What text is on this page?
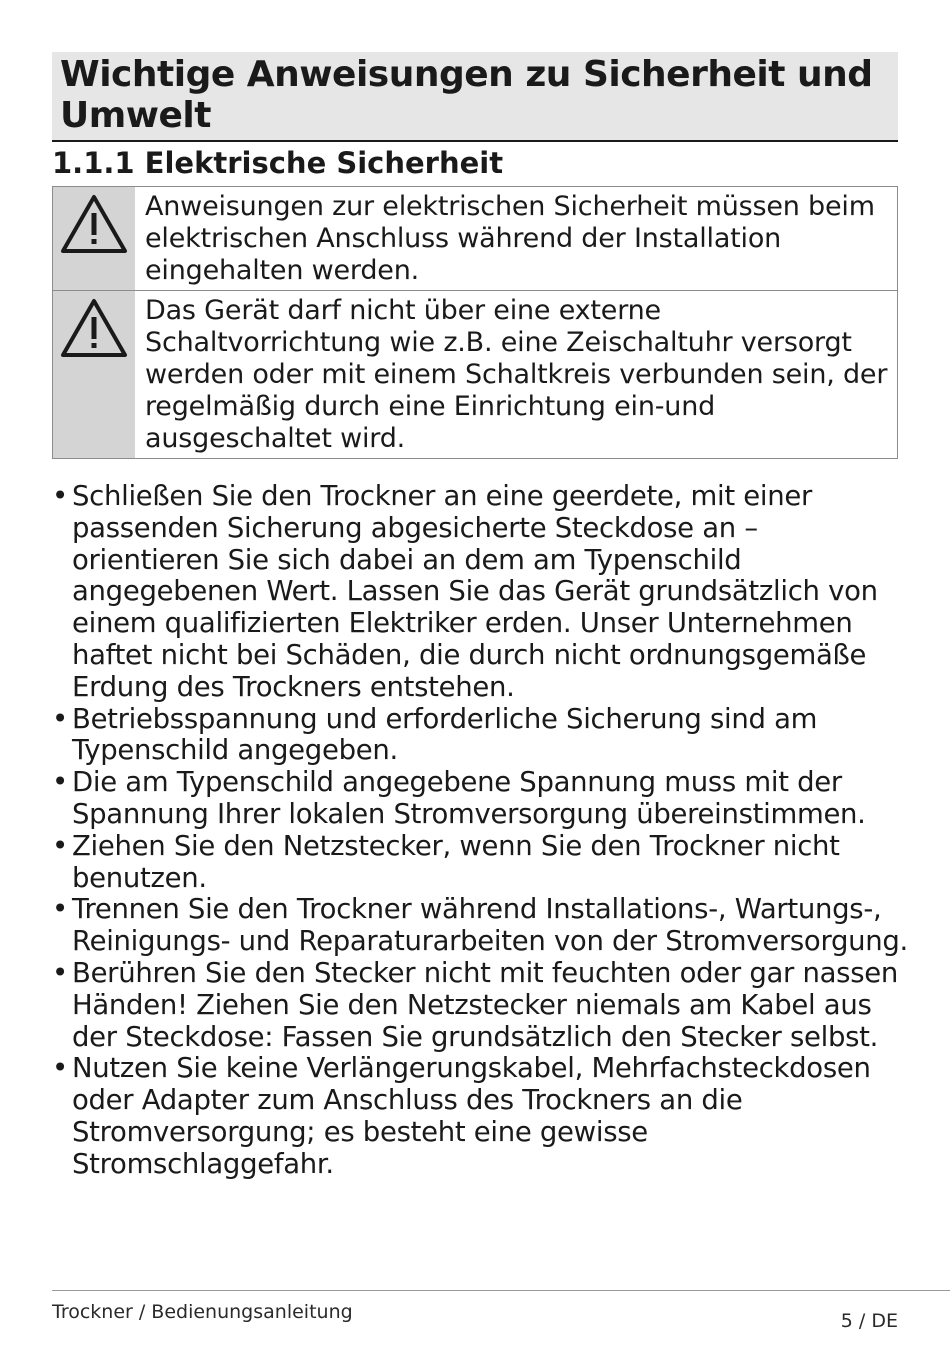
Wichtige Anweisungen zu Sicherheit und Umwelt
1.1.1 Elektrische Sicherheit
Anweisungen zur elektrischen Sicherheit müssen beim elektrischen Anschluss während der Installation eingehalten werden.
Das Gerät darf nicht über eine externe Schaltvorrichtung wie z.B. eine Zeischaltuhr versorgt werden oder mit einem Schaltkreis verbunden sein, der regelmäßig durch eine Einrichtung ein-und ausgeschaltet wird.
• Schließen Sie den Trockner an eine geerdete, mit einer passenden Sicherung abgesicherte Steckdose an – orientieren Sie sich dabei an dem am Typenschild angegebenen Wert. Lassen Sie das Gerät grundsätzlich von einem qualifizierten Elektriker erden. Unser Unternehmen haftet nicht bei Schäden, die durch nicht ordnungsgemäße Erdung des Trockners entstehen.
• Betriebsspannung und erforderliche Sicherung sind am Typenschild angegeben.
• Die am Typenschild angegebene Spannung muss mit der Spannung Ihrer lokalen Stromversorgung übereinstimmen.
• Ziehen Sie den Netzstecker, wenn Sie den Trockner nicht benutzen.
• Trennen Sie den Trockner während Installations-, Wartungs-, Reinigungs- und Reparaturarbeiten von der Stromversorgung.
• Berühren Sie den Stecker nicht mit feuchten oder gar nassen Händen! Ziehen Sie den Netzstecker niemals am Kabel aus der Steckdose: Fassen Sie grundsätzlich den Stecker selbst.
• Nutzen Sie keine Verlängerungskabel, Mehrfachsteckdosen oder Adapter zum Anschluss des Trockners an die Stromversorgung; es besteht eine gewisse Stromschlaggefahr.
Trockner / Bedienungsanleitung	5 / DE
